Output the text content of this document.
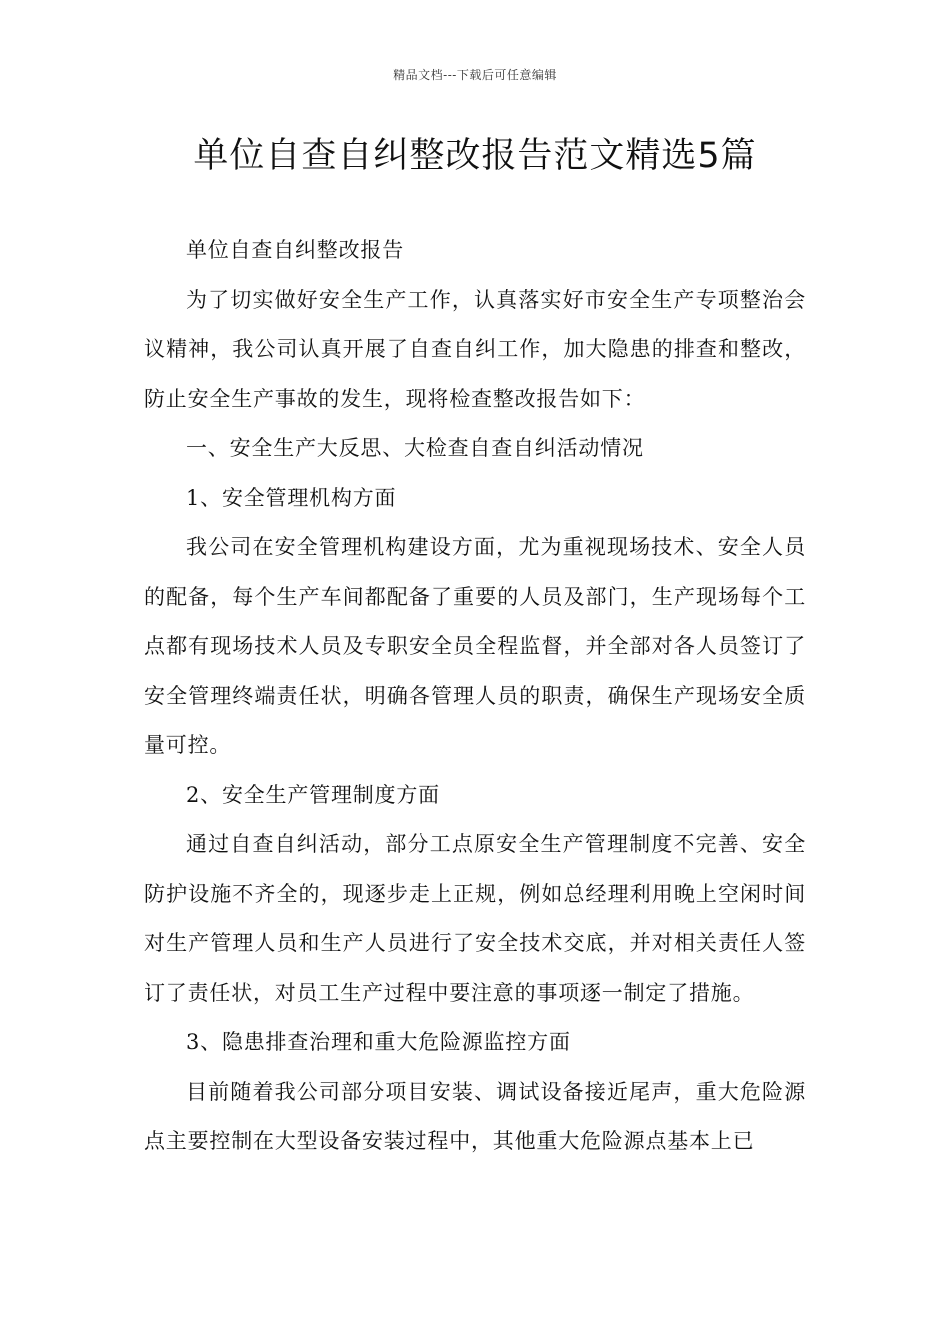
精品文档---下载后可任意编辑
单位自查自纠整改报告范文精选5篇

单位自查自纠整改报告

为了切实做好安全生产工作，认真落实好市安全生产专项整治会议精神，我公司认真开展了自查自纠工作，加大隐患的排查和整改，防止安全生产事故的发生，现将检查整改报告如下：

一、安全生产大反思、大检查自查自纠活动情况

1、安全管理机构方面

我公司在安全管理机构建设方面，尤为重视现场技术、安全人员的配备，每个生产车间都配备了重要的人员及部门，生产现场每个工点都有现场技术人员及专职安全员全程监督，并全部对各人员签订了安全管理终端责任状，明确各管理人员的职责，确保生产现场安全质量可控。

2、安全生产管理制度方面

通过自查自纠活动，部分工点原安全生产管理制度不完善、安全防护设施不齐全的，现逐步走上正规，例如总经理利用晚上空闲时间对生产管理人员和生产人员进行了安全技术交底，并对相关责任人签订了责任状，对员工生产过程中要注意的事项逐一制定了措施。

3、隐患排查治理和重大危险源监控方面

目前随着我公司部分项目安装、调试设备接近尾声，重大危险源点主要控制在大型设备安装过程中，其他重大危险源点基本上已
